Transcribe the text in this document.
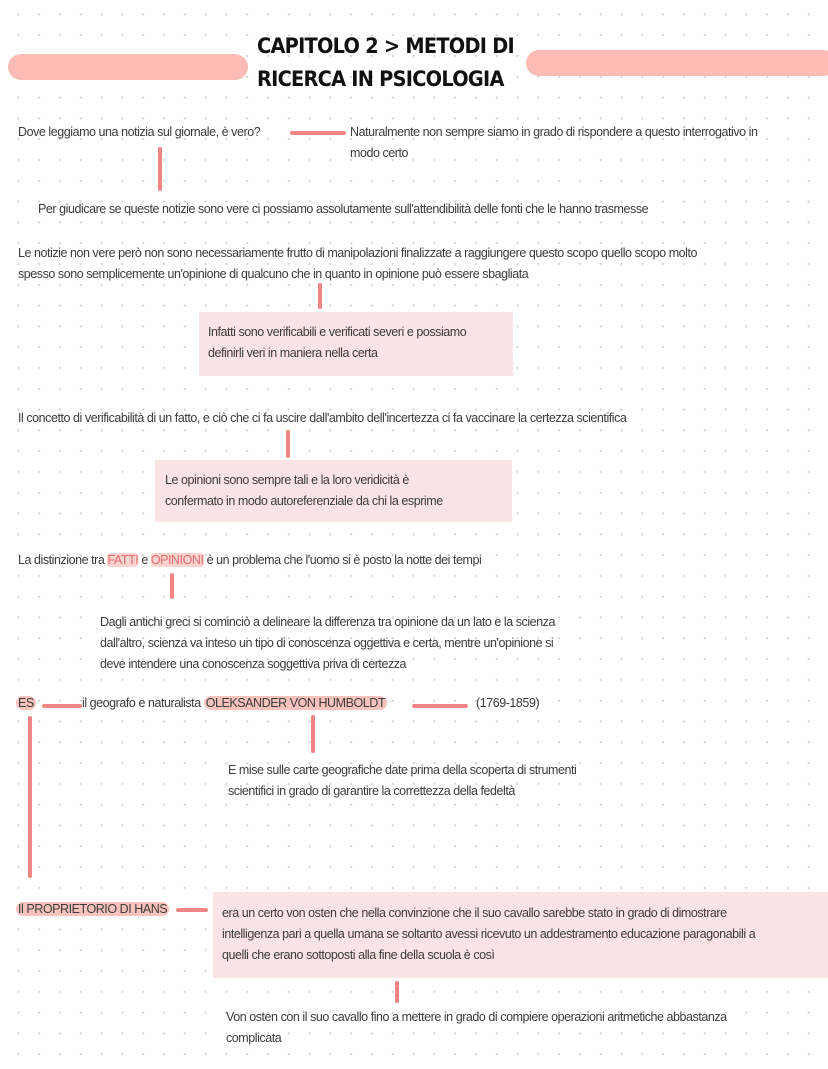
CAPITOLO 2 > METODI DI
RICERCA IN PSICOLOGIA
Dove leggiamo una notizia sul giornale, è vero?	Naturalmente non sempre siamo in grado di rispondere a questo interrogativo in
modo certo
Per giudicare se queste notizie sono vere ci possiamo assolutamente sull'attendibilità delle fonti che le hanno trasmesse
Le notizie non vere però non sono necessariamente frutto di manipolazioni finalizzate a raggiungere questo scopo quello scopo molto
spesso sono semplicemente un'opinione di qualcuno che in quanto in opinione può essere sbagliata
Infatti sono verificabili e verificati severi e possiamo
definirli veri in maniera nella certa
Il concetto di verificabilità di un fatto, e ciò che ci fa uscire dall'ambito dell'incertezza ci fa vaccinare la certezza scientifica
Le opinioni sono sempre tali e la loro veridicità è
confermato in modo autoreferenziale da chi la esprime
La distinzione tra FATTI e OPINIONI è un problema che l'uomo si è posto la notte dei tempi
Dagli antichi greci si cominciò a delineare la differenza tra opinione da un lato e la scienza
dall'altro, scienza va inteso un tipo di conoscenza oggettiva e certa, mentre un'opinione si
deve intendere una conoscenza soggettiva priva di certezza
ES	il geografo e naturalista OLEKSANDER VON HUMBOLDT	(1769-1859)
E mise sulle carte geografiche date prima della scoperta di strumenti
scientifici in grado di garantire la correttezza della fedeltà
Il PROPRIETORIO DI HANS	era un certo von osten che nella convinzione che il suo cavallo sarebbe stato in grado di dimostrare
intelligenza pari a quella umana se soltanto avessi ricevuto un addestramento educazione paragonabili a
quelli che erano sottoposti alla fine della scuola è così
Von osten con il suo cavallo fino a mettere in grado di compiere operazioni aritmetiche abbastanza
complicata
